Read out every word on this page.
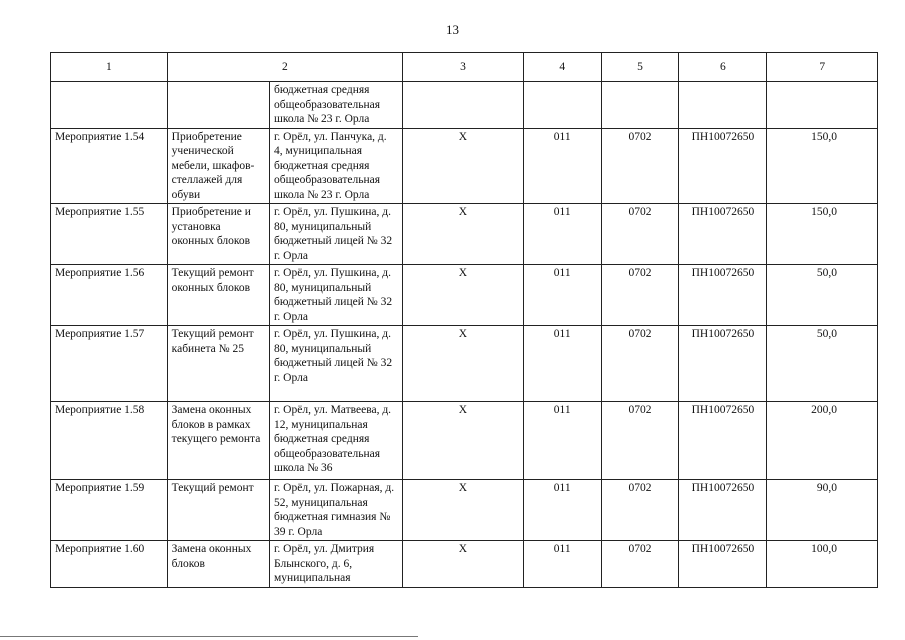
13
1	2		3	4	5	6	7
		бюджетная средняя общеобразовательная школа № 23 г. Орла					
Мероприятие 1.54	Приобретение ученической мебели, шкафов-стеллажей для обуви	г. Орёл, ул. Панчука, д. 4, муниципальная бюджетная средняя общеобразовательная школа № 23 г. Орла	Х	011	0702	ПН10072650	150,0
Мероприятие 1.55	Приобретение и установка оконных блоков	г. Орёл, ул. Пушкина, д. 80, муниципальный бюджетный лицей № 32 г. Орла	Х	011	0702	ПН10072650	150,0
Мероприятие 1.56	Текущий ремонт оконных блоков	г. Орёл, ул. Пушкина, д. 80, муниципальный бюджетный лицей № 32 г. Орла	Х	011	0702	ПН10072650	50,0
Мероприятие 1.57	Текущий ремонт кабинета № 25	г. Орёл, ул. Пушкина, д. 80, муниципальный бюджетный лицей № 32 г. Орла	Х	011	0702	ПН10072650	50,0
Мероприятие 1.58	Замена оконных блоков в рамках текущего ремонта	г. Орёл, ул. Матвеева, д. 12, муниципальная бюджетная средняя общеобразовательная школа № 36	Х	011	0702	ПН10072650	200,0
Мероприятие 1.59	Текущий ремонт	г. Орёл, ул. Пожарная, д. 52, муниципальная бюджетная гимназия № 39 г. Орла	Х	011	0702	ПН10072650	90,0
Мероприятие 1.60	Замена оконных блоков	г. Орёл, ул. Дмитрия Блынского, д. 6, муниципальная	Х	011	0702	ПН10072650	100,0
